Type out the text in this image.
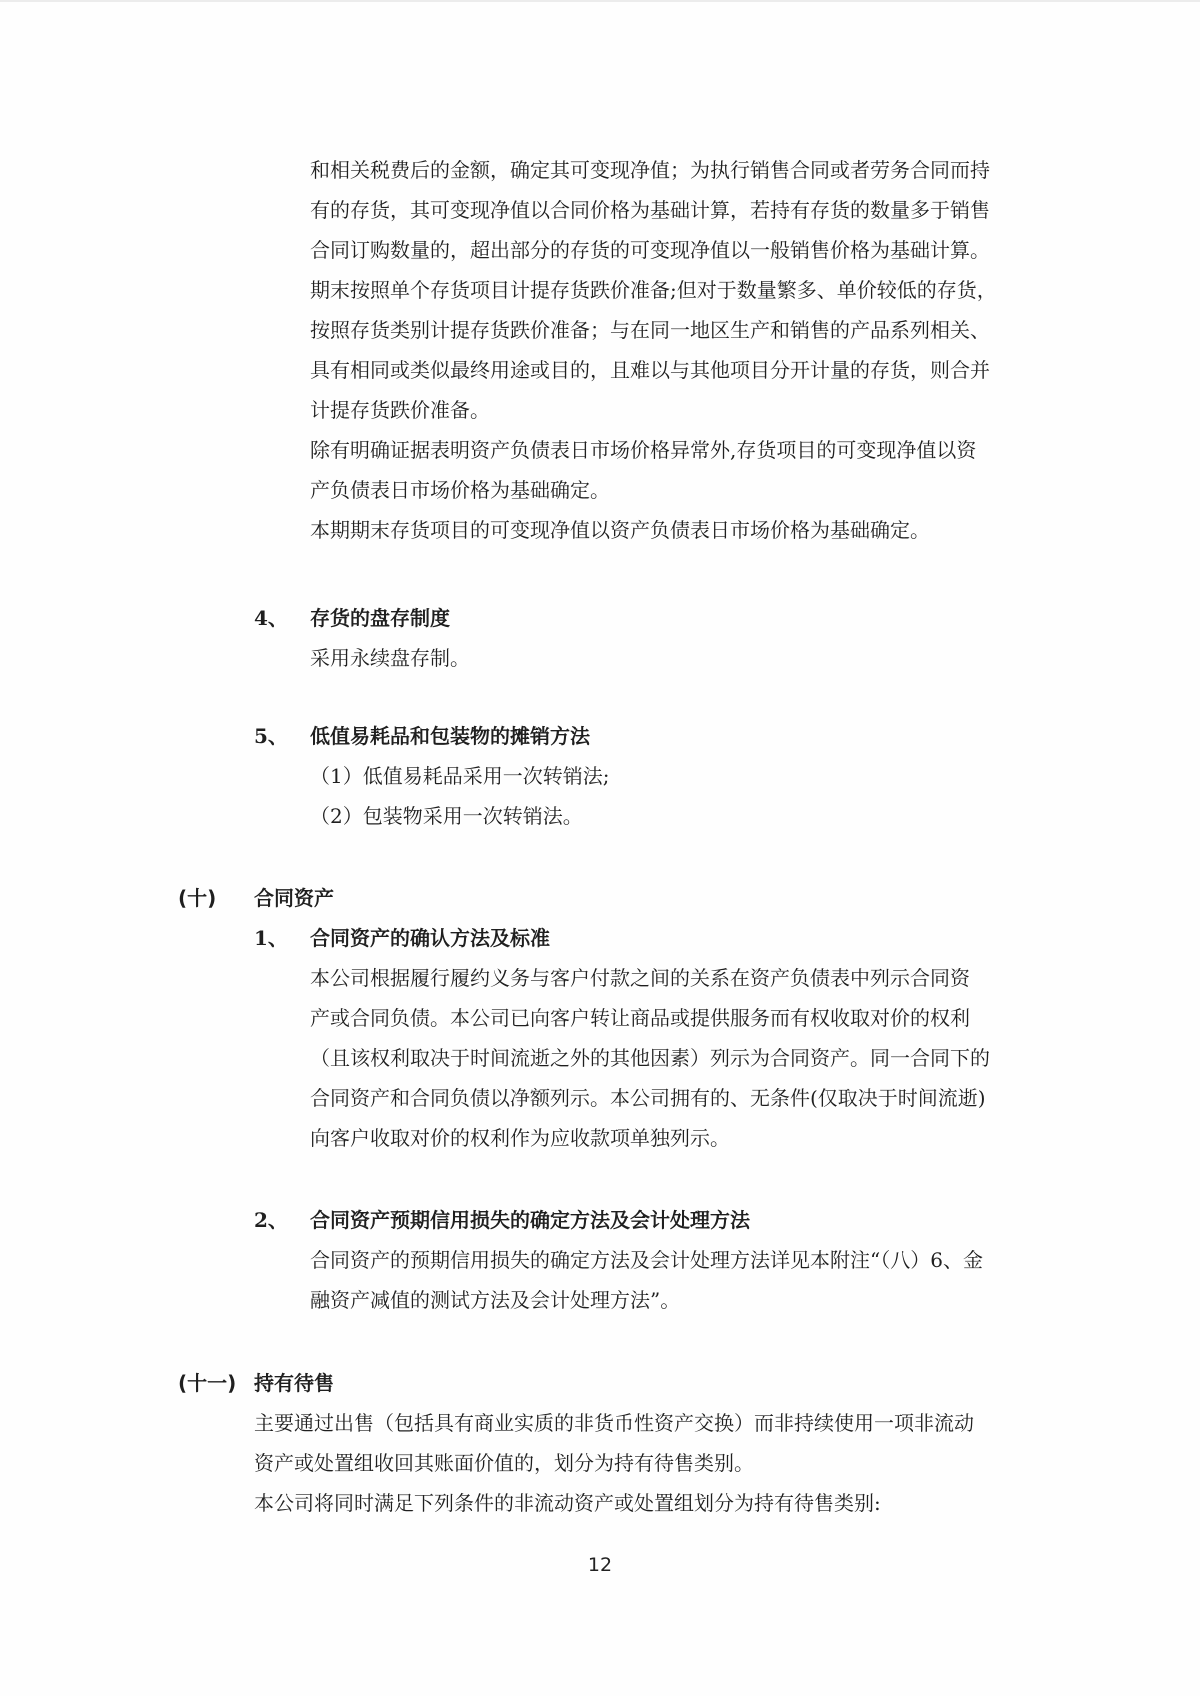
和相关税费后的金额，确定其可变现净值；为执行销售合同或者劳务合同而持
有的存货，其可变现净值以合同价格为基础计算，若持有存货的数量多于销售
合同订购数量的，超出部分的存货的可变现净值以一般销售价格为基础计算。
期末按照单个存货项目计提存货跌价准备;但对于数量繁多、单价较低的存货，
按照存货类别计提存货跌价准备；与在同一地区生产和销售的产品系列相关、
具有相同或类似最终用途或目的，且难以与其他项目分开计量的存货，则合并
计提存货跌价准备。
除有明确证据表明资产负债表日市场价格异常外,存货项目的可变现净值以资
产负债表日市场价格为基础确定。
本期期末存货项目的可变现净值以资产负债表日市场价格为基础确定。
4、 存货的盘存制度
采用永续盘存制。
5、 低值易耗品和包装物的摊销方法
（1）低值易耗品采用一次转销法;
（2）包装物采用一次转销法。
(十) 合同资产
1、 合同资产的确认方法及标准
本公司根据履行履约义务与客户付款之间的关系在资产负债表中列示合同资
产或合同负债。本公司已向客户转让商品或提供服务而有权收取对价的权利
（且该权利取决于时间流逝之外的其他因素）列示为合同资产。同一合同下的
合同资产和合同负债以净额列示。本公司拥有的、无条件(仅取决于时间流逝)
向客户收取对价的权利作为应收款项单独列示。
2、 合同资产预期信用损失的确定方法及会计处理方法
合同资产的预期信用损失的确定方法及会计处理方法详见本附注“（八）6、金
融资产减值的测试方法及会计处理方法”。
(十一) 持有待售
主要通过出售（包括具有商业实质的非货币性资产交换）而非持续使用一项非流动
资产或处置组收回其账面价值的，划分为持有待售类别。
本公司将同时满足下列条件的非流动资产或处置组划分为持有待售类别:
12
